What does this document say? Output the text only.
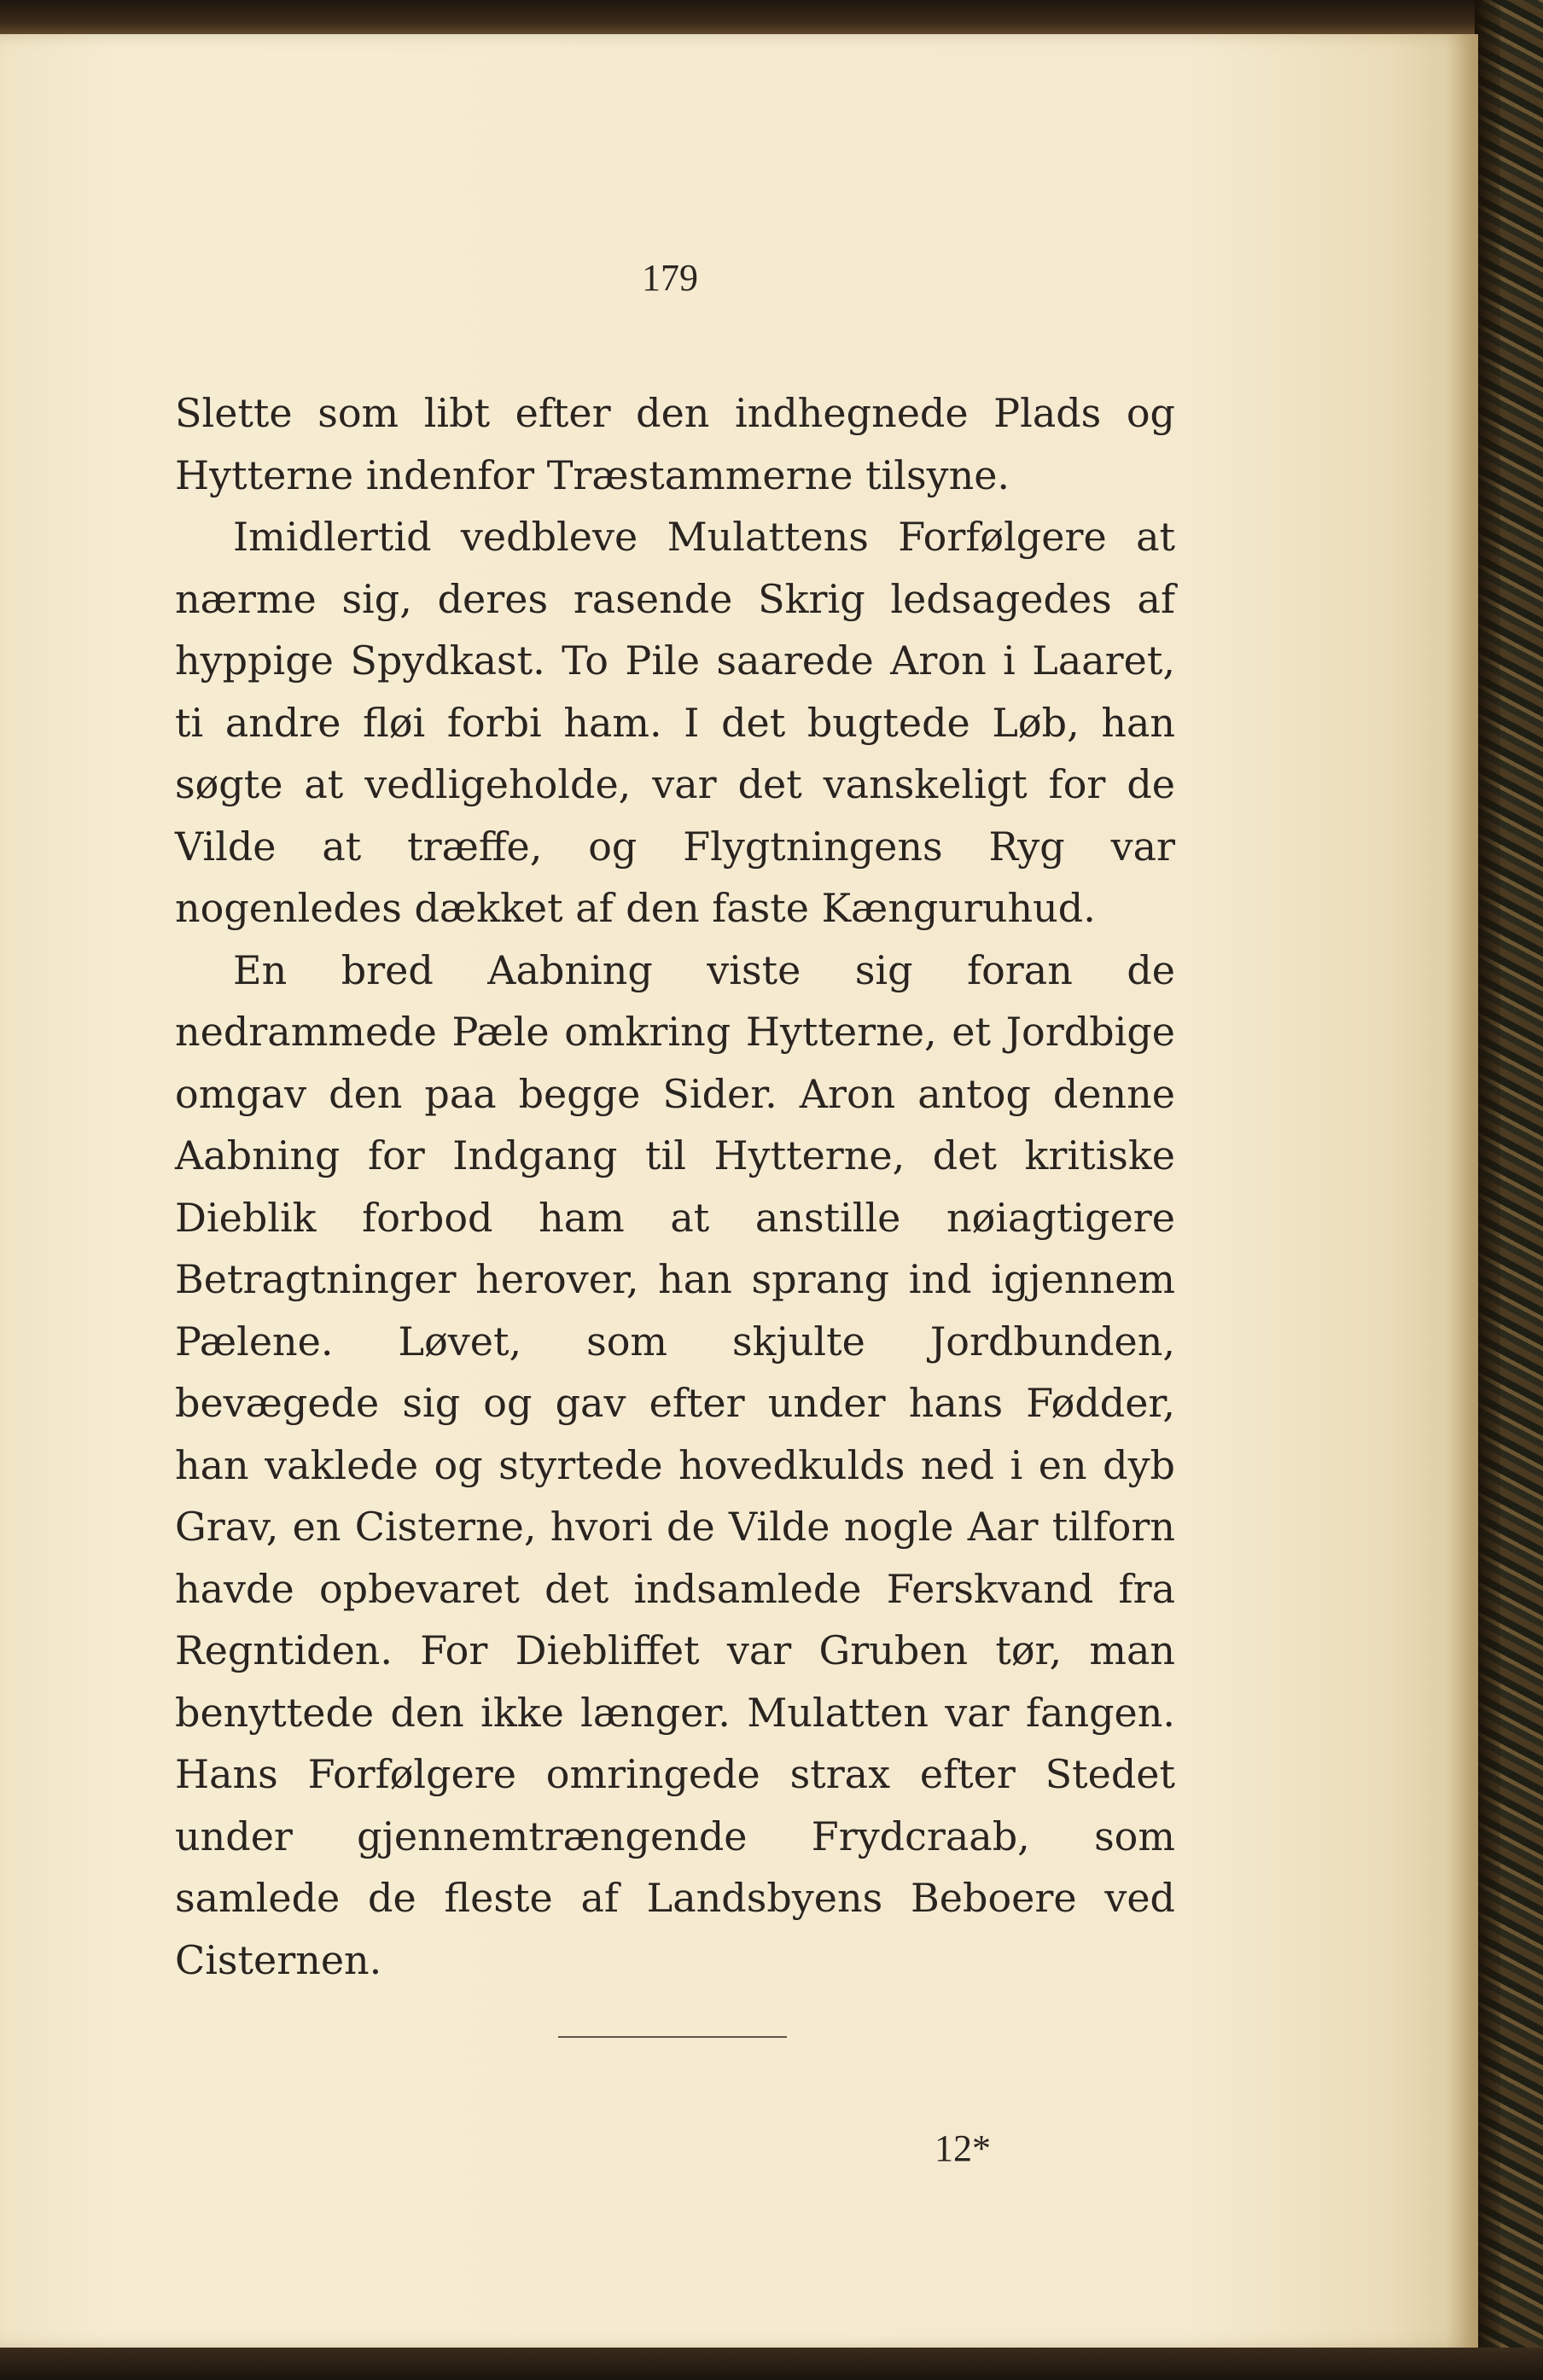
179

Slette som libt efter den indhegnede Plads og Hytterne indenfor Træstammerne tilsyne.

Imidlertid vedbleve Mulattens Forfølgere at nærme sig, deres rasende Skrig ledsagedes af hyppige Spydkast. To Pile saarede Aron i Laaret, ti andre fløi forbi ham. I det bugtede Løb, han søgte at vedligeholde, var det vanskeligt for de Vilde at træffe, og Flygtningens Ryg var nogenledes dækket af den faste Kænguruhud.

En bred Aabning viste sig foran de nedrammede Pæle omkring Hytterne, et Jordbige omgav den paa begge Sider. Aron antog denne Aabning for Indgang til Hytterne, det kritiske Dieblik forbod ham at anstille nøiagtigere Betragtninger herover, han sprang ind igjennem Pælene. Løvet, som skjulte Jordbunden, bevægede sig og gav efter under hans Fødder, han vaklede og styrtede hovedkulds ned i en dyb Grav, en Cisterne, hvori de Vilde nogle Aar tilforn havde opbevaret det indsamlede Ferskvand fra Regntiden. For Diebliffet var Gruben tør, man benyttede den ikke længer. Mulatten var fangen. Hans Forfølgere omringede strax efter Stedet under gjennemtrængende Frydcraab, som samlede de fleste af Landsbyens Beboere ved Cisternen.

12*
